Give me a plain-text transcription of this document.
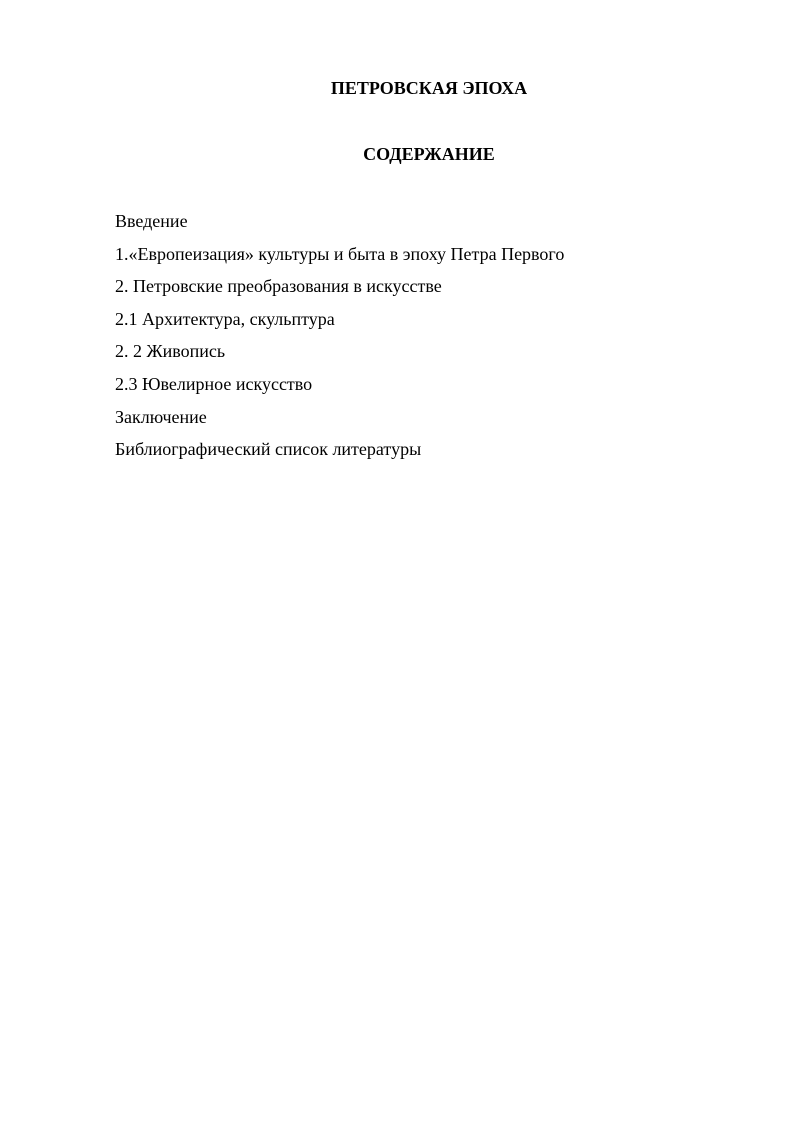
ПЕТРОВСКАЯ ЭПОХА
СОДЕРЖАНИЕ
Введение
1.«Европеизация» культуры и быта в эпоху Петра Первого
2. Петровские преобразования в искусстве
2.1 Архитектура, скульптура
2. 2 Живопись
2.3 Ювелирное искусство
Заключение
Библиографический список литературы
